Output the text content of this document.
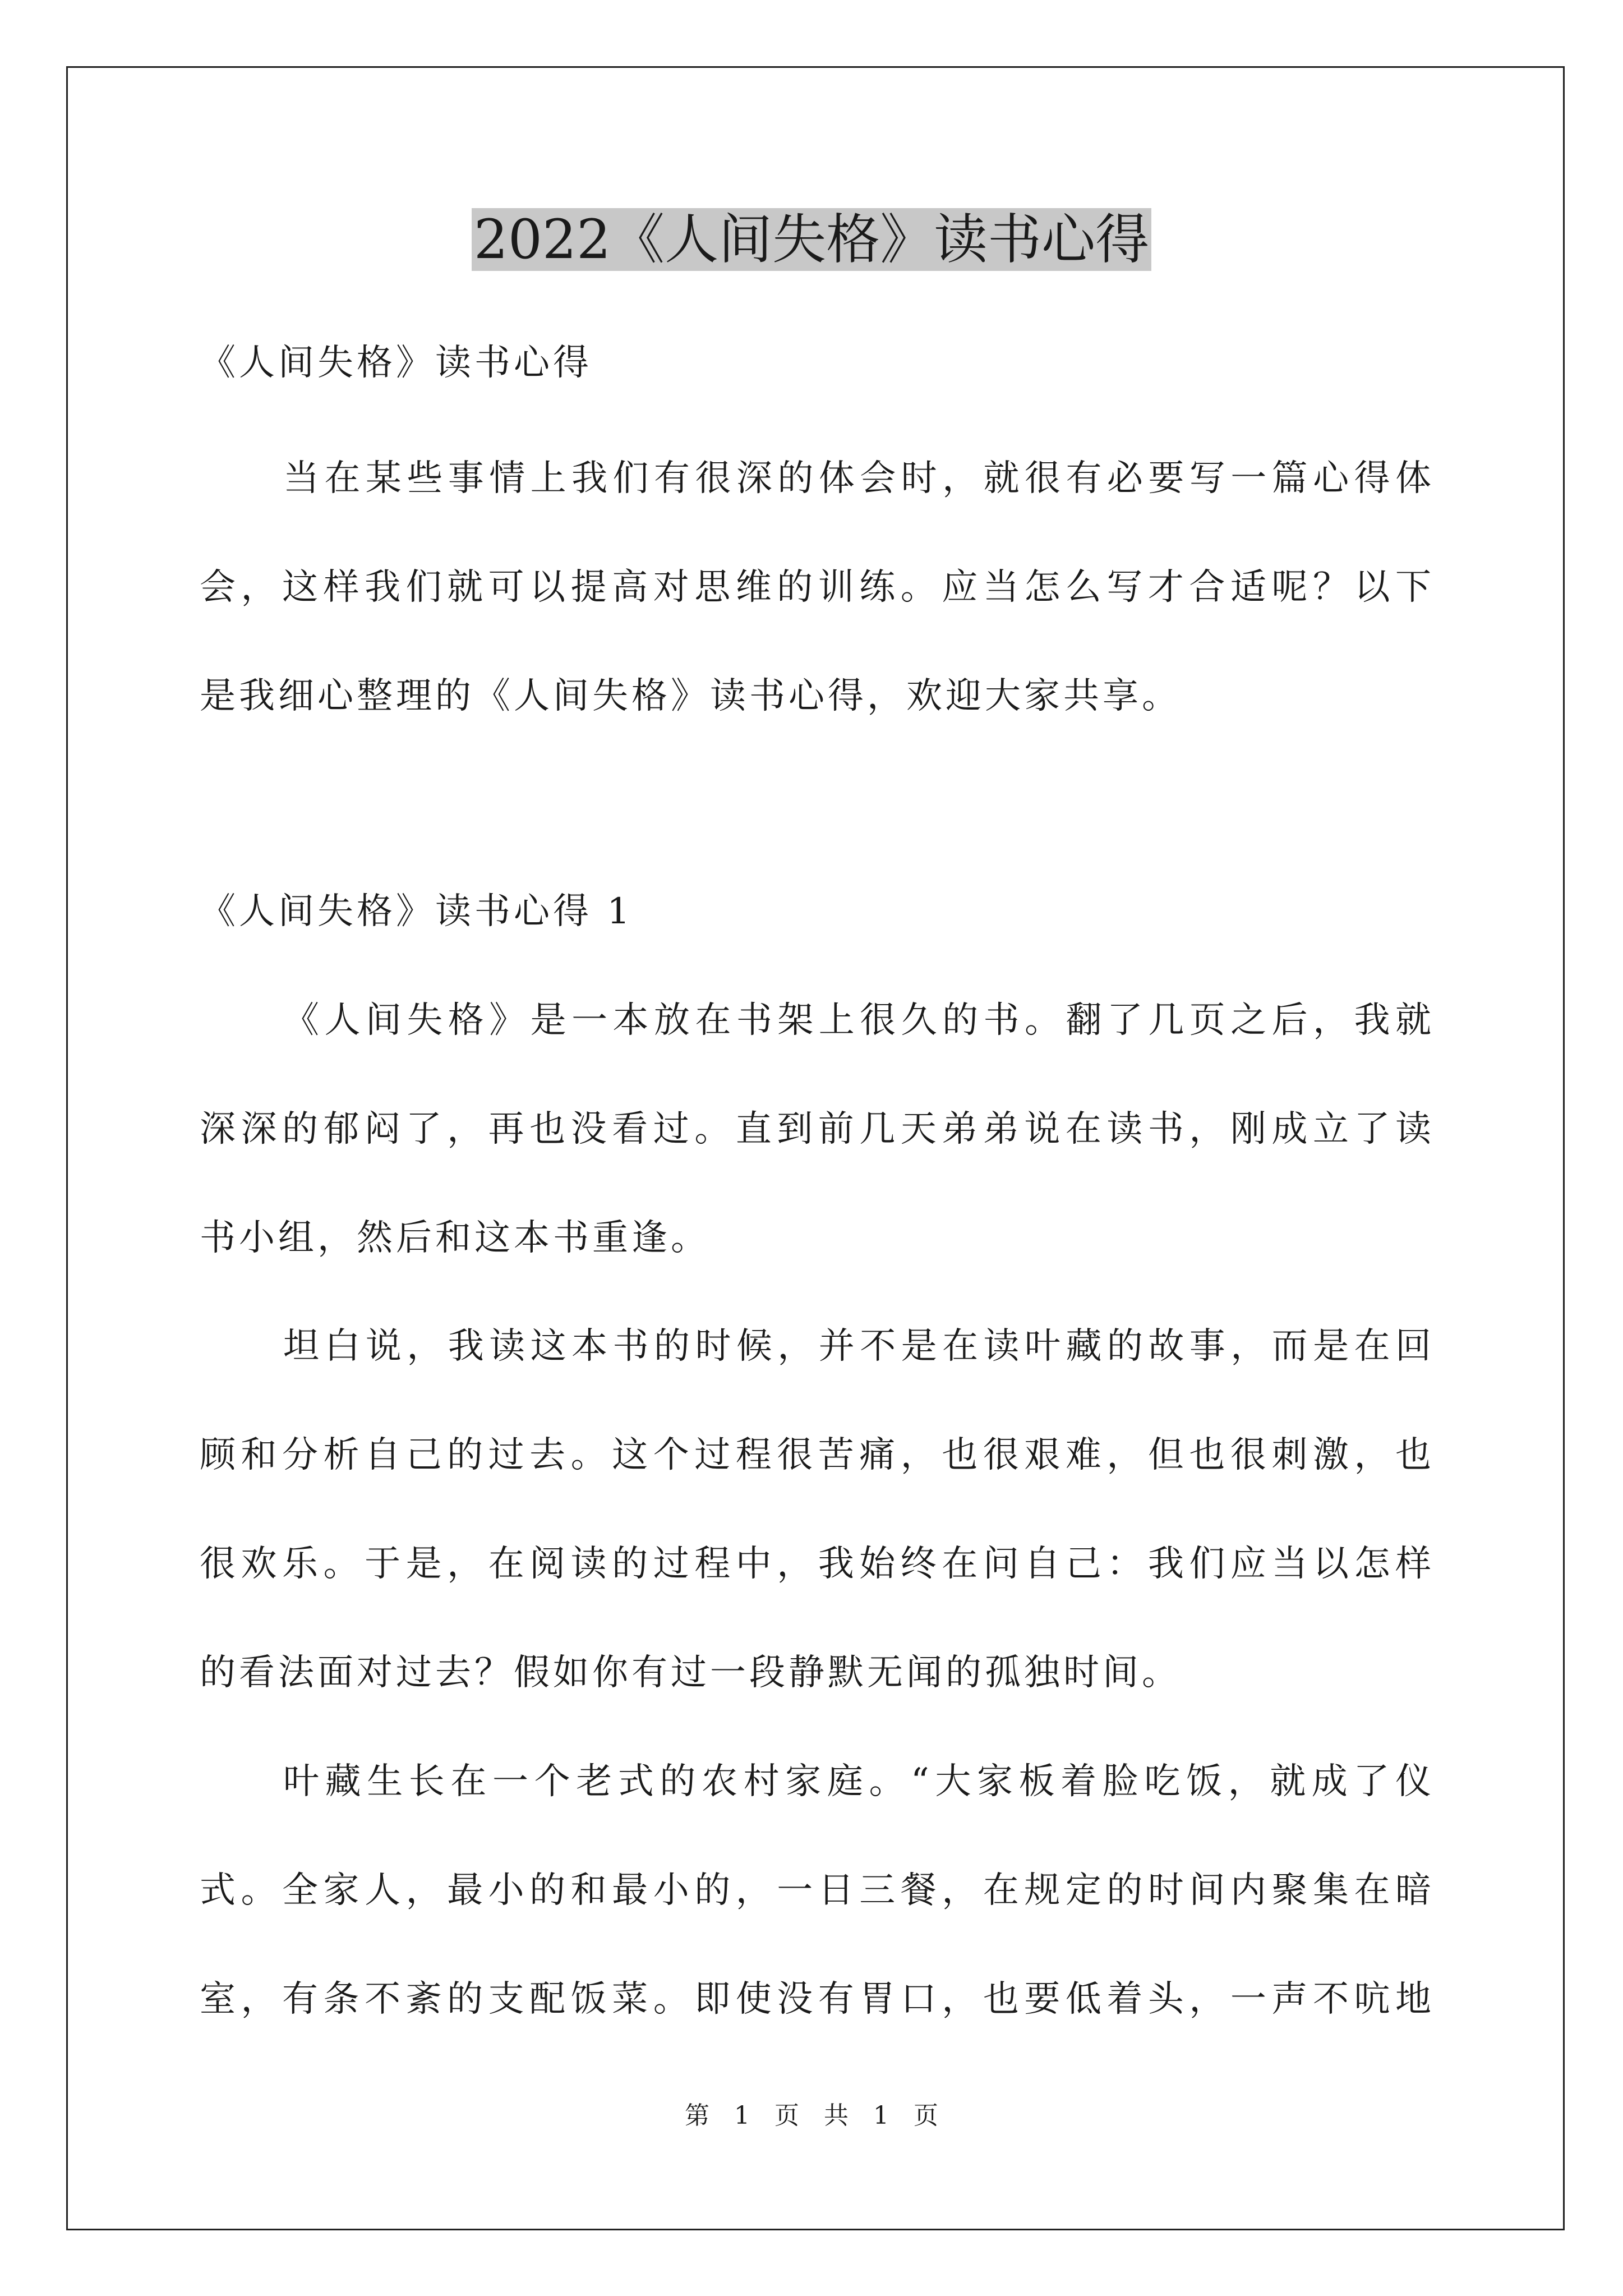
2022《人间失格》读书心得

《人间失格》读书心得

当在某些事情上我们有很深的体会时，就很有必要写一篇心得体

会，这样我们就可以提高对思维的训练。应当怎么写才合适呢？以下

是我细心整理的《人间失格》读书心得，欢迎大家共享。

《人间失格》读书心得 1

《人间失格》是一本放在书架上很久的书。翻了几页之后，我就

深深的郁闷了，再也没看过。直到前几天弟弟说在读书，刚成立了读

书小组，然后和这本书重逢。

坦白说，我读这本书的时候，并不是在读叶藏的故事，而是在回

顾和分析自己的过去。这个过程很苦痛，也很艰难，但也很刺激，也

很欢乐。于是，在阅读的过程中，我始终在问自己：我们应当以怎样

的看法面对过去？假如你有过一段静默无闻的孤独时间。

叶藏生长在一个老式的农村家庭。“大家板着脸吃饭，就成了仪

式。全家人，最小的和最小的，一日三餐，在规定的时间内聚集在暗

室，有条不紊的支配饭菜。即使没有胃口，也要低着头，一声不吭地

第 1 页 共 1 页
